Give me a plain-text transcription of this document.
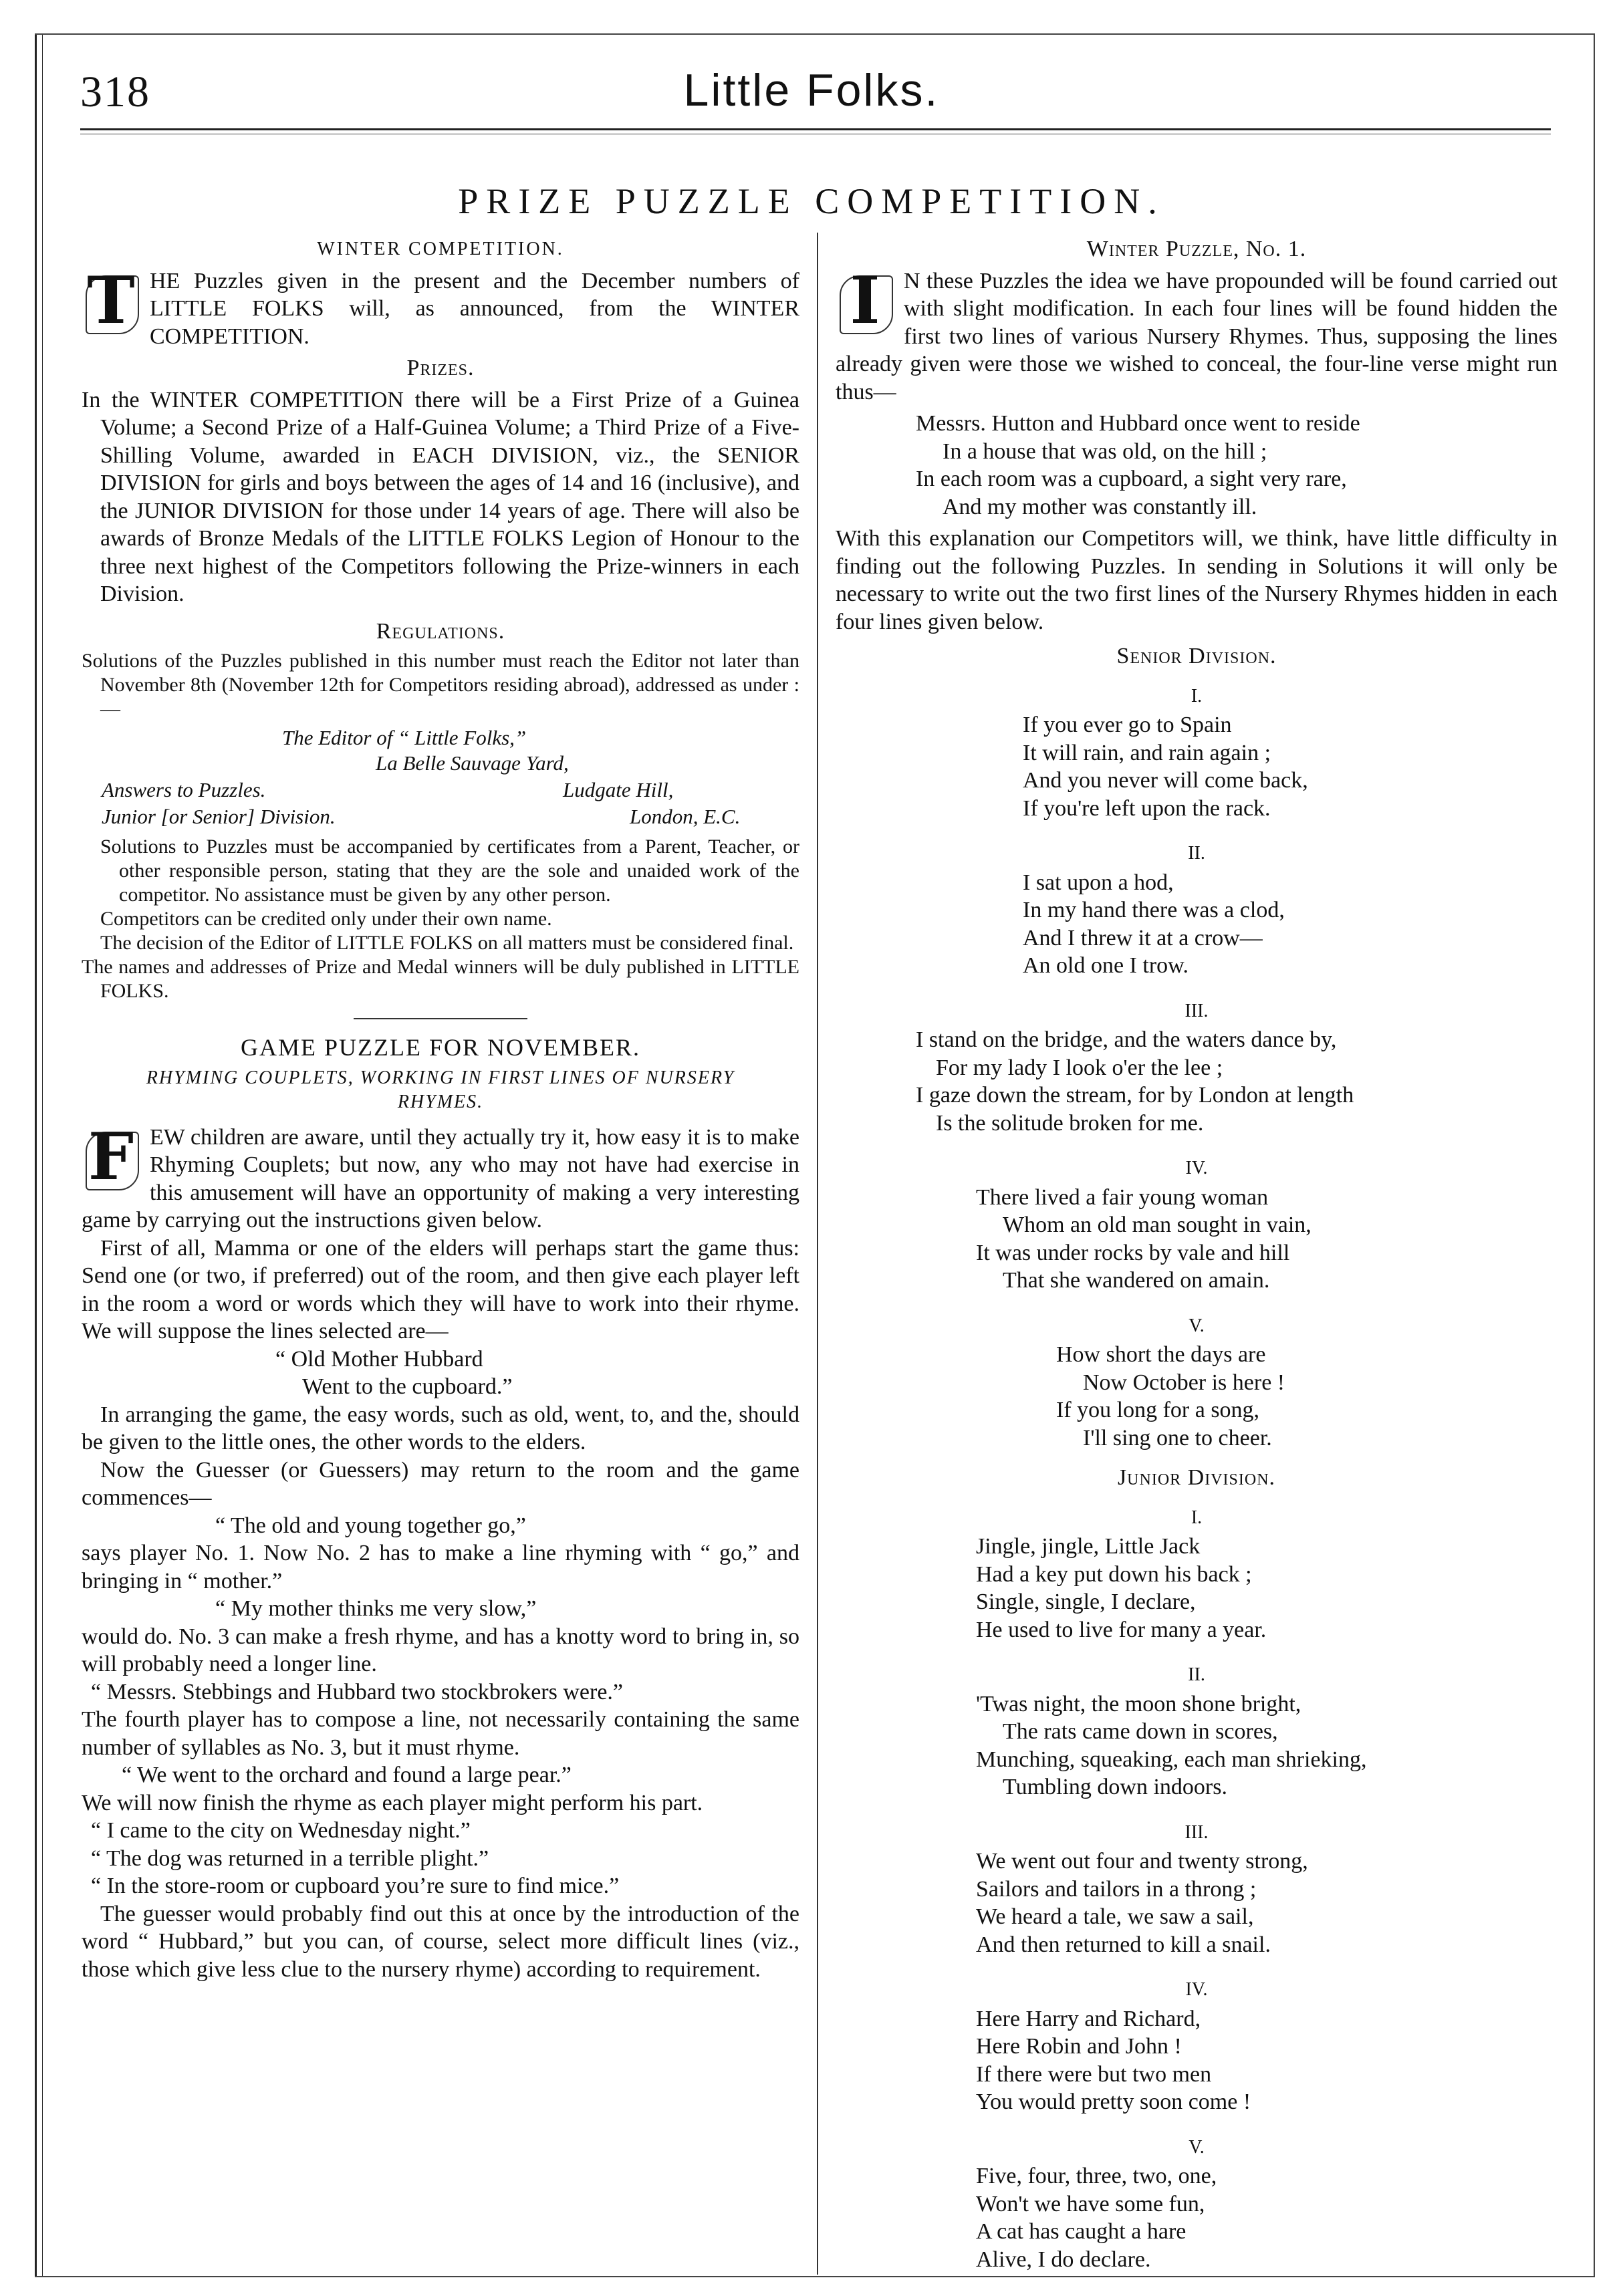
318	Little Folks.
PRIZE PUZZLE COMPETITION.
WINTER COMPETITION.
T HE Puzzles given in the present and the December numbers of LITTLE FOLKS will, as announced, from the WINTER COMPETITION.

Prizes.

In the WINTER COMPETITION there will be a First Prize of a Guinea Volume; a Second Prize of a Half-Guinea Volume; a Third Prize of a Five-Shilling Volume, awarded in EACH DIVISION, viz., the SENIOR DIVISION for girls and boys between the ages of 14 and 16 (inclusive), and the JUNIOR DIVISION for those under 14 years of age. There will also be awards of Bronze Medals of the LITTLE FOLKS Legion of Honour to the three next highest of the Competitors following the Prize-winners in each Division.

Regulations.

Solutions of the Puzzles published in this number must reach the Editor not later than November 8th (November 12th for Competitors residing abroad), addressed as under :—

The Editor of “ Little Folks,”
La Belle Sauvage Yard,
Answers to Puzzles.	Ludgate Hill,
Junior [or Senior] Division.	London, E.C.

Solutions to Puzzles must be accompanied by certificates from a Parent, Teacher, or other responsible person, stating that they are the sole and unaided work of the competitor. No assistance must be given by any other person.

Competitors can be credited only under their own name.

The decision of the Editor of LITTLE FOLKS on all matters must be considered final.

The names and addresses of Prize and Medal winners will be duly published in LITTLE FOLKS.

GAME PUZZLE FOR NOVEMBER.
RHYMING COUPLETS, WORKING IN FIRST LINES OF NURSERY RHYMES.
F EW children are aware, until they actually try it, how easy it is to make Rhyming Couplets; but now, any who may not have had exercise in this amusement will have an opportunity of making a very interesting game by carrying out the instructions given below.

First of all, Mamma or one of the elders will perhaps start the game thus: Send one (or two, if preferred) out of the room, and then give each player left in the room a word or words which they will have to work into their rhyme. We will suppose the lines selected are—

“ Old Mother Hubbard
Went to the cupboard.”

In arranging the game, the easy words, such as old, went, to, and the, should be given to the little ones, the other words to the elders.

Now the Guesser (or Guessers) may return to the room and the game commences—

“ The old and young together go,”

says player No. 1. Now No. 2 has to make a line rhyming with “ go,” and bringing in “ mother.”

“ My mother thinks me very slow,”

would do. No. 3 can make a fresh rhyme, and has a knotty word to bring in, so will probably need a longer line.

“ Messrs. Stebbings and Hubbard two stockbrokers were.”

The fourth player has to compose a line, not necessarily containing the same number of syllables as No. 3, but it must rhyme.

“ We went to the orchard and found a large pear.”

We will now finish the rhyme as each player might perform his part.

“ I came to the city on Wednesday night.”
“ The dog was returned in a terrible plight.”
“ In the store-room or cupboard you’re sure to find mice.”

The guesser would probably find out this at once by the introduction of the word “ Hubbard,” but you can, of course, select more difficult lines (viz., those which give less clue to the nursery rhyme) according to requirement.

Winter Puzzle, No. 1.
I	N these Puzzles the idea we have propounded will be found carried out with slight modification. In each four lines will be found hidden the first two lines of various Nursery Rhymes. Thus, supposing the lines already given were those we wished to conceal, the four-line verse might run thus—

Messrs. Hutton and Hubbard once went to reside
In a house that was old, on the hill ;
In each room was a cupboard, a sight very rare,
And my mother was constantly ill.

With this explanation our Competitors will, we think, have little difficulty in finding out the following Puzzles. In sending in Solutions it will only be necessary to write out the two first lines of the Nursery Rhymes hidden in each four lines given below.

Senior Division.
I.
If you ever go to Spain
It will rain, and rain again ;
And you never will come back,
If you're left upon the rack.
II.
I sat upon a hod,
In my hand there was a clod,
And I threw it at a crow—
An old one I trow.
III.
I stand on the bridge, and the waters dance by,
For my lady I look o'er the lee ;
I gaze down the stream, for by London at length
Is the solitude broken for me.
IV.
There lived a fair young woman
Whom an old man sought in vain,
It was under rocks by vale and hill
That she wandered on amain.
V.
How short the days are
Now October is here !
If you long for a song,
I'll sing one to cheer.
Junior Division.
I.
Jingle, jingle, Little Jack
Had a key put down his back ;
Single, single, I declare,
He used to live for many a year.
II.
'Twas night, the moon shone bright,
The rats came down in scores,
Munching, squeaking, each man shrieking,
Tumbling down indoors.
III.
We went out four and twenty strong,
Sailors and tailors in a throng ;
We heard a tale, we saw a sail,
And then returned to kill a snail.
IV.
Here Harry and Richard,
Here Robin and John !
If there were but two men
You would pretty soon come !
V.
Five, four, three, two, one,
Won't we have some fun,
A cat has caught a hare
Alive, I do declare.
